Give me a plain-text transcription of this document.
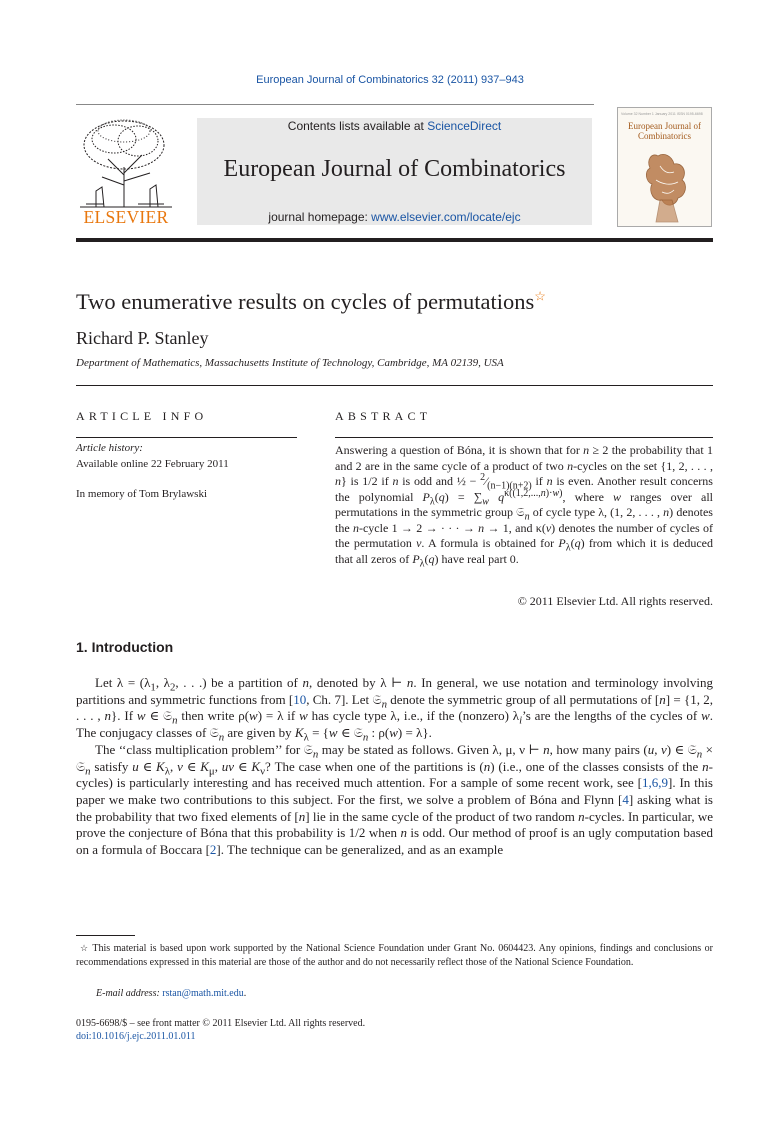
European Journal of Combinatorics 32 (2011) 937–943
ELSEVIER
Contents lists available at ScienceDirect
European Journal of Combinatorics
journal homepage: www.elsevier.com/locate/ejc
Volume 32 Number 1 January 2011 ISSN 0195-6698
European Journal of Combinatorics
Two enumerative results on cycles of permutations☆
Richard P. Stanley
Department of Mathematics, Massachusetts Institute of Technology, Cambridge, MA 02139, USA
ARTICLE INFO
Article history:
Available online 22 February 2011
In memory of Tom Brylawski
ABSTRACT
Answering a question of Bóna, it is shown that for n ≥ 2 the probability that 1 and 2 are in the same cycle of a product of two n-cycles on the set {1, 2, . . . , n} is 1/2 if n is odd and ½ − $^2⁄_{(n-1)(n+2)}$ if n is even. Another result concerns the polynomial $P_\lambda(q) = \sum_w$ $q^{\kappa((1,2,...,n)\cdot w)}$, where w ranges over all permutations in the symmetric group 𝔖$_n$ of cycle type λ, (1, 2, . . . , n) denotes the n-cycle 1 → 2 → · · · → n → 1, and κ(v) denotes the number of cycles of the permutation v. A formula is obtained for $P_\lambda(q)$ from which it is deduced that all zeros of $P_\lambda(q)$ have real part 0.
© 2011 Elsevier Ltd. All rights reserved.
1. Introduction

Let $\lambda = (\lambda_1$, $\lambda_2$, . . .) be a partition of n, denoted by λ ⊢ n. In general, we use notation and terminology involving partitions and symmetric functions from [10, Ch. 7]. Let 𝔖$_n$ denote the symmetric group of all permutations of [n] = {1, 2, . . . , n}. If w ∈ 𝔖$_n$ then write ρ(w) = λ if w has cycle type λ, i.e., if the (nonzero) $\lambda_i’s$ are the lengths of the cycles of w. The conjugacy classes of 𝔖$_n$ are given by $K_\lambda = \{w$ ∈ 𝔖$_n$ : ρ(w) = λ}.

The ‘‘class multiplication problem’’ for 𝔖$_n$ may be stated as follows. Given λ, μ, ν ⊢ n, how many pairs (u, v) ∈ 𝔖$_n$ × 𝔖$_n$ satisfy u ∈ $K_\lambda$, v ∈ $K_\mu$, uv ∈ $K_\nu$? The case when one of the partitions is (n) (i.e., one of the classes consists of the n-cycles) is particularly interesting and has received much attention. For a sample of some recent work, see [1,6,9]. In this paper we make two contributions to this subject. For the first, we solve a problem of Bóna and Flynn [4] asking what is the probability that two fixed elements of [n] lie in the same cycle of the product of two random n-cycles. In particular, we prove the conjecture of Bóna that this probability is 1/2 when n is odd. Our method of proof is an ugly computation based on a formula of Boccara [2]. The technique can be generalized, and as an example

☆ This material is based upon work supported by the National Science Foundation under Grant No. 0604423. Any opinions, findings and conclusions or recommendations expressed in this material are those of the author and do not necessarily reflect those of the National Science Foundation.
E-mail address: rstan@math.mit.edu.
0195-6698/$ – see front matter © 2011 Elsevier Ltd. All rights reserved.
doi:10.1016/j.ejc.2011.01.011
